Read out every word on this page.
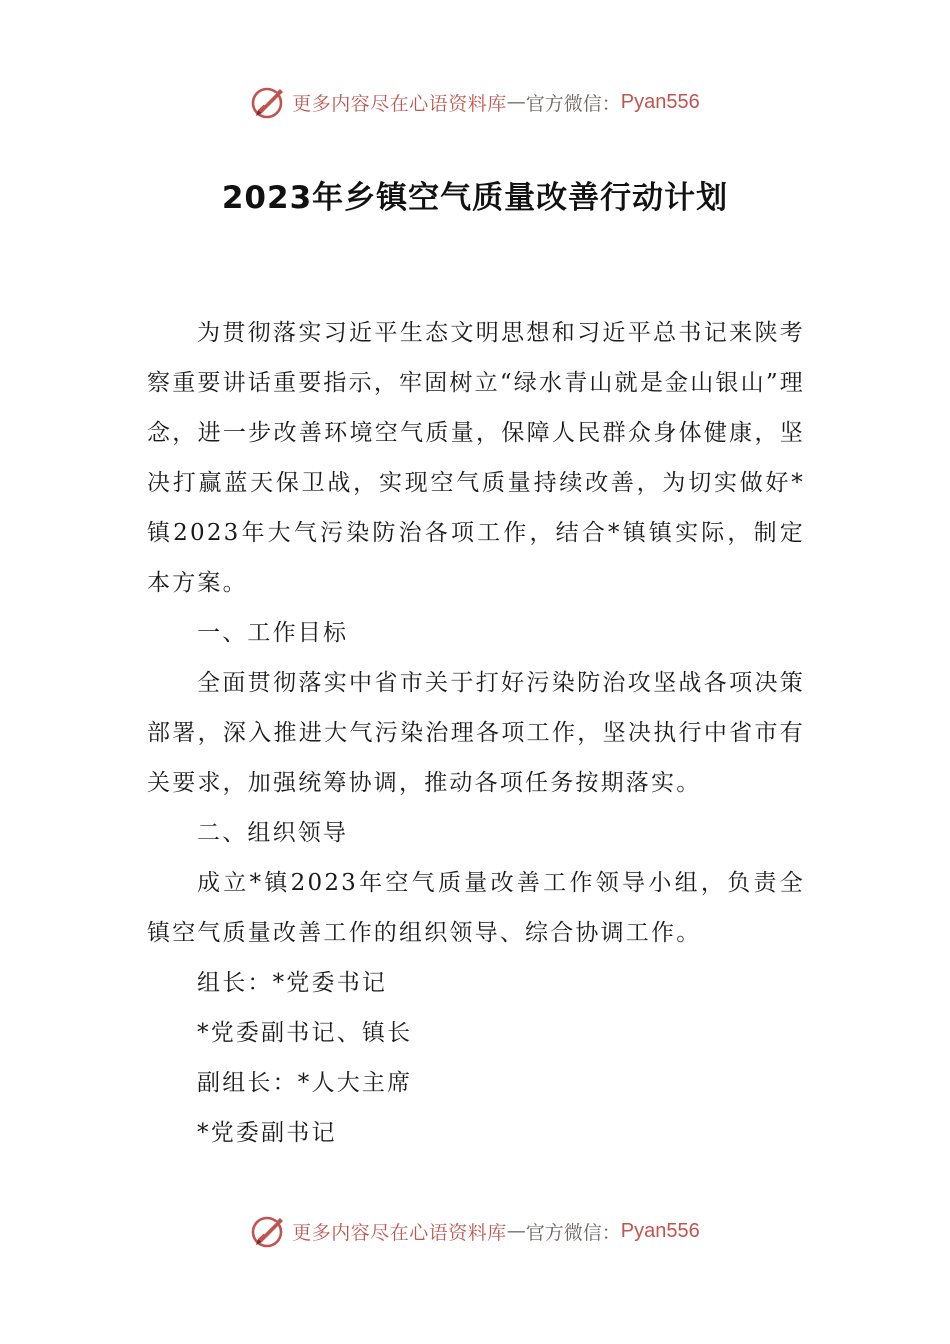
更多内容尽在心语资料库 — 官方微信： Pyan556
2023年乡镇空气质量改善行动计划

为贯彻落实习近平生态文明思想和习近平总书记来陕考察重要讲话重要指示，牢固树立“绿水青山就是金山银山”理念，进一步改善环境空气质量，保障人民群众身体健康，坚决打赢蓝天保卫战，实现空气质量持续改善，为切实做好*镇2023年大气污染防治各项工作，结合*镇镇实际，制定本方案。

一、工作目标

全面贯彻落实中省市关于打好污染防治攻坚战各项决策部署，深入推进大气污染治理各项工作，坚决执行中省市有关要求，加强统筹协调，推动各项任务按期落实。

二、组织领导

成立*镇2023年空气质量改善工作领导小组，负责全镇空气质量改善工作的组织领导、综合协调工作。

组长：*党委书记

*党委副书记、镇长

副组长：*人大主席

*党委副书记

更多内容尽在心语资料库 — 官方微信： Pyan556
